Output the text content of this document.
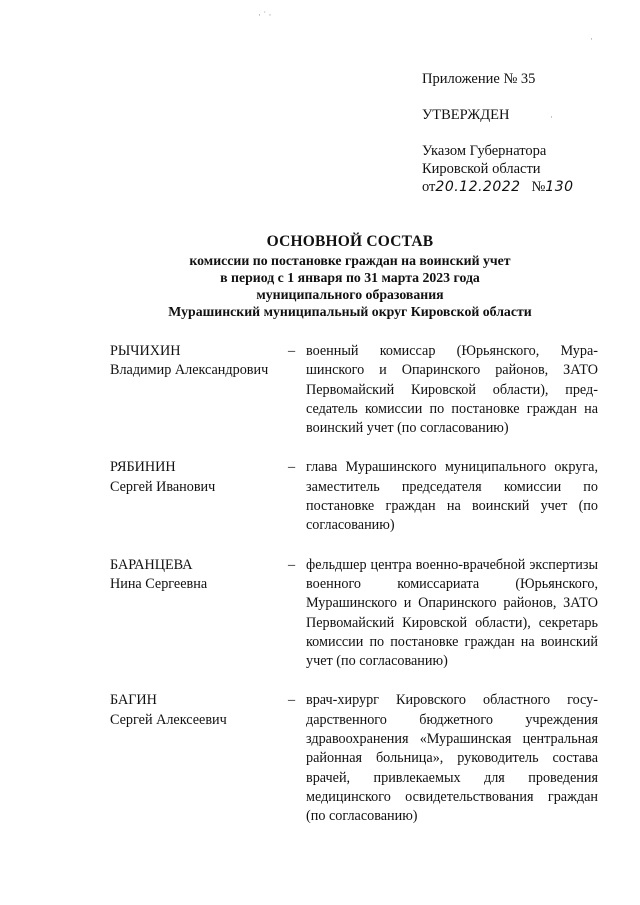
Приложение № 35
УТВЕРЖДЕН
Указом Губернатора
Кировской области
от20.12.2022 №130
ОСНОВНОЙ СОСТАВ
комиссии по постановке граждан на воинский учет
в период с 1 января по 31 марта 2023 года
муниципального образования
Мурашинский муниципальный округ Кировской области
РЫЧИХИН
Владимир Александрович
– военный комиссар (Юрьянского, Мурашинского и Опаринского районов, ЗАТО Первомайский Кировской области), председатель комиссии по постановке граждан на воинский учет (по согласованию)
РЯБИНИН
Сергей Иванович
– глава Мурашинского муниципального округа, заместитель председателя комиссии по постановке граждан на воинский учет (по согласованию)
БАРАНЦЕВА
Нина Сергеевна
– фельдшер центра военно-врачебной экспертизы военного комиссариата (Юрьянского, Мурашинского и Опаринского районов, ЗАТО Первомайский Кировской области), секретарь комиссии по постановке граждан на воинский учет (по согласованию)
БАГИН
Сергей Алексеевич
– врач-хирург Кировского областного государственного бюджетного учреждения здравоохранения «Мурашинская центральная районная больница», руководитель состава врачей, привлекаемых для проведения медицинского освидетельствования граждан (по согласованию)
· ˙ ·
·
·
